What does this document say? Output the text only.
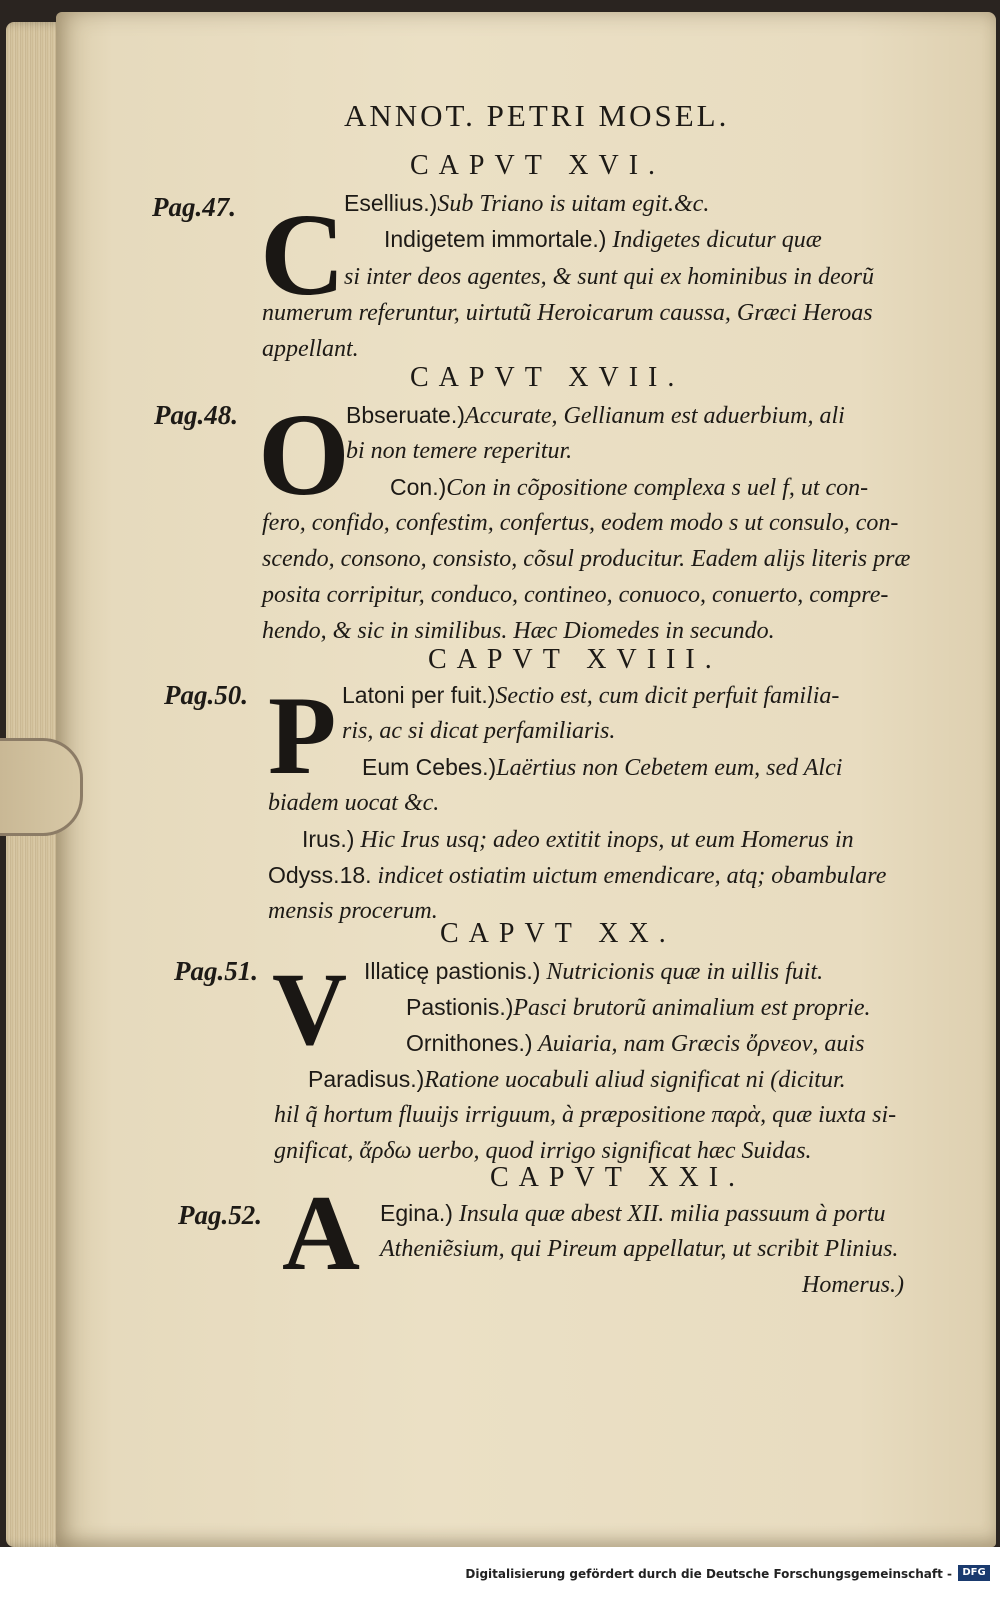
ANNOT. PETRI MOSEL.
CAPVT XVI.
Pag.47. C
Esellius.)Sub Triano is uitam egit.&c.
Indigetem immortale.) Indigetes dicutur quæ
si inter deos agentes, & sunt qui ex hominibus in deorũ
numerum referuntur, uirtutũ Heroicarum caussa, Græci Heroas
appellant.
CAPVT XVII.
Pag.48. O
Bbseruate.)Accurate, Gellianum est aduerbium, ali
bi non temere reperitur.
Con.)Con in cõpositione complexa s uel f, ut con-
fero, confido, confestim, confertus, eodem modo s ut consulo, con-
scendo, consono, consisto, cõsul producitur. Eadem alijs literis præ
posita corripitur, conduco, contineo, conuoco, conuerto, compre-
hendo, & sic in similibus. Hæc Diomedes in secundo.
CAPVT XVIII.
Pag.50. P Latoni per fuit.)Sectio est, cum dicit perfuit familia-
ris, ac si dicat perfamiliaris.
Eum Cebes.)Laërtius non Cebetem eum, sed Alci
biadem uocat &c.
Irus.) Hic Irus usq; adeo extitit inops, ut eum Homerus in
Odyss.18. indicet ostiatim uictum emendicare, atq; obambulare
mensis procerum.
CAPVT XX.
Pag.51. V Illaticę pastionis.) Nutricionis quæ in uillis fuit.
Pastionis.)Pasci brutorũ animalium est proprie.
Ornithones.) Auiaria, nam Græcis ὄρνεον, auis
Paradisus.)Ratione uocabuli aliud significat ni (dicitur.
hil q̃ hortum fluuijs irriguum, à præpositione παρὰ, quæ iuxta si-
gnificat, ἄρδω uerbo, quod irrigo significat hæc Suidas.
CAPVT XXI.
Pag.52. A Egina.) Insula quæ abest XII. milia passuum à portu
Atheniẽsium, qui Pireum appellatur, ut scribit Plinius.
Homerus.)
Digitalisierung gefördert durch die Deutsche Forschungsgemeinschaft -	DFG
